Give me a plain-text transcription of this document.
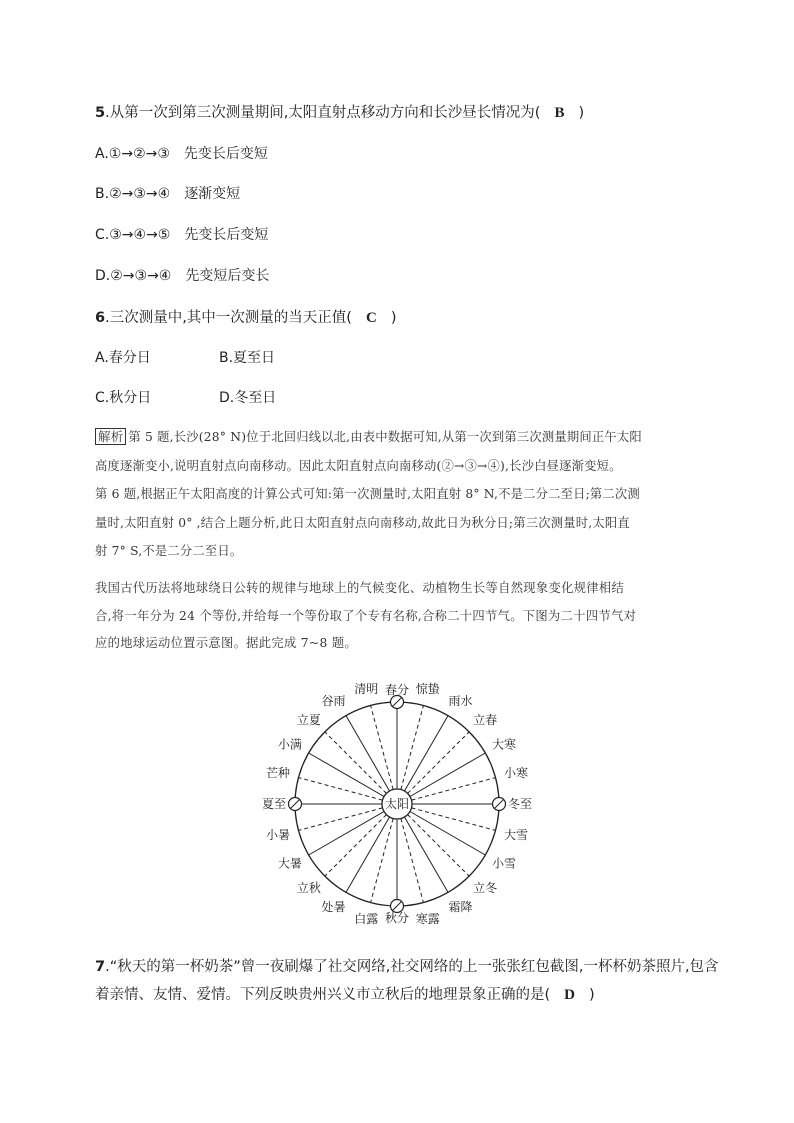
5.从第一次到第三次测量期间,太阳直射点移动方向和长沙昼长情况为( B )
A.①→②→③ 先变长后变短
B.②→③→④ 逐渐变短
C.③→④→⑤ 先变长后变短
D.②→③→④ 先变短后变长
6.三次测量中,其中一次测量的当天正值( C )
A.春分日	B.夏至日
C.秋分日	D.冬至日
解析 第 5 题,长沙(28° N)位于北回归线以北,由表中数据可知,从第一次到第三次测量期间正午太阳
高度逐渐变小,说明直射点向南移动。因此太阳直射点向南移动(②→③→④),长沙白昼逐渐变短。
第 6 题,根据正午太阳高度的计算公式可知:第一次测量时,太阳直射 8° N,不是二分二至日;第二次测
量时,太阳直射 0° ,结合上题分析,此日太阳直射点向南移动,故此日为秋分日;第三次测量时,太阳直
射 7° S,不是二分二至日。
我国古代历法将地球绕日公转的规律与地球上的气候变化、动植物生长等自然现象变化规律相结
合,将一年分为 24 个等份,并给每一个等份取了个专有名称,合称二十四节气。下图为二十四节气对
应的地球运动位置示意图。据此完成 7~8 题。
太阳
春分 惊蛰
雨水
立春
大寒
小寒
冬至
大雪
小雪
立冬
霜降
寒露
秋分
白露
处暑
立秋
大暑
小暑
夏至
芒种
小满
立夏
谷雨
清明
7.“秋天的第一杯奶茶”曾一夜刷爆了社交网络,社交网络的上一张张红包截图,一杯杯奶茶照片,包含
着亲情、友情、爱情。下列反映贵州兴义市立秋后的地理景象正确的是( D )
